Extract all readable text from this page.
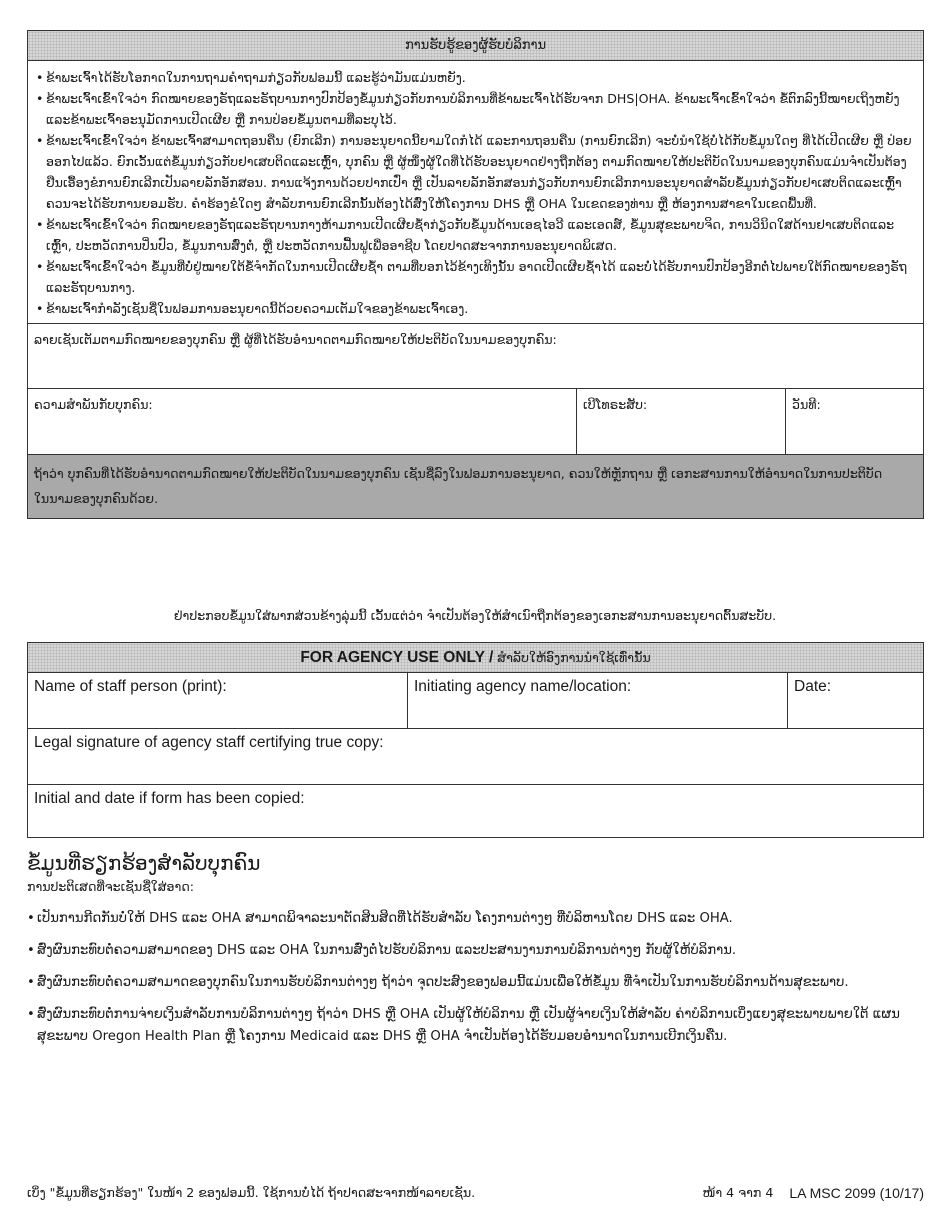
ການຮັບຮູ້ຂອງຜູ້ຮັບບໍລິການ
• ຂ້າພະເຈົ້າໄດ້ຮັບໂອກາດໃນການຖາມຄຳຖາມກ່ຽວກັບຟອມນີ້ ແລະຮູ້ວ່າມັນແມ່ນຫຍັງ.
• ຂ້າພະເຈົ້າເຂົ້າໃຈວ່າ ກົດໝາຍຂອງຣັຖແລະຣັຖບານກາງປົກປ້ອງຂໍ້ມູນກ່ຽວກັບການບໍລິການທີ່ຂ້າພະເຈົ້າໄດ້ຮັບຈາກ DHS|OHA. ຂ້າພະເຈົ້າເຂົ້າໃຈວ່າ ຂໍ້ຕົກລົງນີ້ໝາຍເຖິງຫຍັງ ແລະຂ້າພະເຈົ້າອະນຸມັດການເປີດເຜີຍ ຫຼື ການປ່ອຍຂໍ້ມູນຕາມທີ່ລະບຸໄວ້.
• ຂ້າພະເຈົ້າເຂົ້າໃຈວ່າ ຂ້າພະເຈົ້າສາມາດຖອນຄືນ (ຍົກເລີກ) ການອະນຸຍາດນີ້ຍາມໃດກໍໄດ້ ແລະການຖອນຄືນ (ການຍົກເລີກ) ຈະບໍ່ນຳໃຊ້ບໍ່ໄດ້ກັບຂໍ້ມູນໃດໆ ທີ່ໄດ້ເປີດເຜີຍ ຫຼື ປ່ອຍອອກໄປແລ້ວ. ຍົກເວັ້ນແຕ່ຂໍ້ມູນກ່ຽວກັບຢາເສບຕິດແລະເຫຼົ້າ, ບຸກຄົນ ຫຼື ຜູ້ໜຶ່ງຜູ້ໃດທີ່ໄດ້ຮັບອະນຸຍາດຢ່າງຖືກຕ້ອງ ຕາມກົດໝາຍໃຫ້ປະຕິບັດໃນນາມຂອງບຸກຄົນແມ່ນຈຳເປັນຕ້ອງຢືນເອື້ອງຂໍການຍົກເລີກເປັນລາຍລັກອັກສອນ. ການແຈ້ງການດ້ວຍປາກເປົ່າ ຫຼື ເປັນລາຍລັກອັກສອນກ່ຽວກັບການຍົກເລີກການອະນຸຍາດສຳລັບຂໍ້ມູນກ່ຽວກັບຢາເສບຕິດແລະເຫຼົ້າຄວນຈະໄດ້ຮັບການຍອມຮັບ. ຄຳຮ້ອງຂໍໃດໆ ສຳລັບການຍົກເລີກນັ້ນຕ້ອງໄດ້ສົ່ງໃຫ້ໂຄງການ DHS ຫຼື OHA ໃນເຂດຂອງທ່ານ ຫຼື ຫ້ອງການສາຂາໃນເຂດພື້ນທີ່.
• ຂ້າພະເຈົ້າເຂົ້າໃຈວ່າ ກົດໝາຍຂອງຣັຖແລະຣັຖບານກາງຫ້າມການເປີດເຜີຍຊ້ຳກ່ຽວກັບຂໍ້ມູນດ້ານເອຊໄອວີ ແລະເອດສ໌, ຂໍ້ມູນສຸຂະພາບຈິດ, ການວິນິດໃສດ້ານຢາເສບຕິດແລະເຫຼົ້າ, ປະຫວັດການປິ່ນປົວ, ຂໍ້ມູນການສົ່ງຕໍ່, ຫຼື ປະຫວັດການຟື້ນຟູເພື່ອອາຊີບ ໂດຍປາດສະຈາກການອະນຸຍາດພິເສດ.
• ຂ້າພະເຈົ້າເຂົ້າໃຈວ່າ ຂໍ້ມູນທີ່ບໍ່ຢູ່ໝາຍໃຕ້ຂໍ້ຈຳກັດໃນການເປີດເຜີຍຊ້ຳ ຕາມທີ່ບອກໄວ້ຂ້າງເທິງນັ້ນ ອາດເປີດເຜີຍຊ້ຳໄດ້ ແລະບໍ່ໄດ້ຮັບການປົກປ້ອງອີກຕໍ່ໄປພາຍໃຕ້ກົດໝາຍຂອງຣັຖແລະຣັຖບານກາງ.
• ຂ້າພະເຈົ້າກຳລັງເຊັນຊື່ໃນຟອມການອະນຸຍາດນີ້ດ້ວຍຄວາມເຕັມໃຈຂອງຂ້າພະເຈົ້າເອງ.
ລາຍເຊັນເຕັມຕາມກົດໝາຍຂອງບຸກຄົນ ຫຼື ຜູ້ທີ່ໄດ້ຮັບອຳນາດຕາມກົດໝາຍໃຫ້ປະຕິບັດໃນນາມຂອງບຸກຄົນ:
ຄວາມສຳພັນກັບບຸກຄົນ:	ເບີໂທຣະສັບ:	ວັນທີ:
ຖ້າວ່າ ບຸກຄົນທີ່ໄດ້ຮັບອຳນາດຕາມກົດໝາຍໃຫ້ປະຕິບັດໃນນາມຂອງບຸກຄົນ ເຊັນຊື່ລົງໃນຟອມການອະນຸຍາດ, ຄວນໃຫ້ຫຼັກຖານ ຫຼື ເອກະສານການໃຫ້ອຳນາດໃນການປະຕິບັດໃນນາມຂອງບຸກຄົນດ້ວຍ.
ຢ່າປະກອບຂໍ້ມູນໃສ່ພາກສ່ວນຂ້າງລຸ່ມນີ້ ເວັ້ນແຕ່ວ່າ ຈຳເປັນຕ້ອງໃຫ້ສຳເນົາຖືກຕ້ອງຂອງເອກະສານການອະນຸຍາດຕົ້ນສະບັບ.
FOR AGENCY USE ONLY / ສຳລັບໃຫ້ອົງການນຳໃຊ້ເທົ່ານັ້ນ
Name of staff person (print):	Initiating agency name/location:	Date:
Legal signature of agency staff certifying true copy:
Initial and date if form has been copied:
ຂໍ້ມູນທີ່ຮຽກຮ້ອງສຳລັບບຸກຄົນ
ການປະຕິເສດທີ່ຈະເຊັນຊື່ໃສ່ອາດ:
• ເປັນການກີດກັນບໍ່ໃຫ້ DHS ແລະ OHA ສາມາດພິຈາລະນາຕັດສິນສິດທີ່ໄດ້ຮັບສຳລັບ ໂຄງການຕ່າງໆ ທີ່ບໍລິຫານໂດຍ DHS ແລະ OHA.
• ສົ່ງຜົນກະທົບຕໍ່ຄວາມສາມາດຂອງ DHS ແລະ OHA ໃນການສົ່ງຕໍ່ໄປຮັບບໍລິການ ແລະປະສານງານການບໍລິການຕ່າງໆ ກັບຜູ້ໃຫ້ບໍລິການ.
• ສົ່ງຜົນກະທົບຕໍ່ຄວາມສາມາດຂອງບຸກຄົນໃນການຮັບບໍລິການຕ່າງໆ ຖ້າວ່າ ຈຸດປະສົງຂອງຟອມນີ້ແມ່ນເພື່ອໃຫ້ຂໍ້ມູນ ທີ່ຈຳເປັນໃນການຮັບບໍລິການດ້ານສຸຂະພາບ.
• ສົ່ງຜົນກະທົບຕໍ່ການຈ່າຍເງິນສຳລັບການບໍລິການຕ່າງໆ ຖ້າວ່າ DHS ຫຼື OHA ເປັນຜູ້ໃຫ້ບໍລິການ ຫຼື ເປັນຜູ້ຈ່າຍເງິນໃຫ້ສຳລັບ ຄ່າບໍລິການເບິ່ງແຍງສຸຂະພາບພາຍໃຕ້ ແຜນສຸຂະພາບ Oregon Health Plan ຫຼື ໂຄງການ Medicaid ແລະ DHS ຫຼື OHA ຈຳເປັນຕ້ອງໄດ້ຮັບມອບອຳນາດໃນການເບີກເງິນຄືນ.
ເບິ່ງ "ຂໍ້ມູນທີ່ຮຽກຮ້ອງ" ໃນໜ້າ 2 ຂອງຟອມນີ້. ໃຊ້ການບໍ່ໄດ້ ຖ້າປາດສະຈາກໜ້າລາຍເຊັນ.	ໜ້າ 4 ຈາກ 4 LA MSC 2099 (10/17)
